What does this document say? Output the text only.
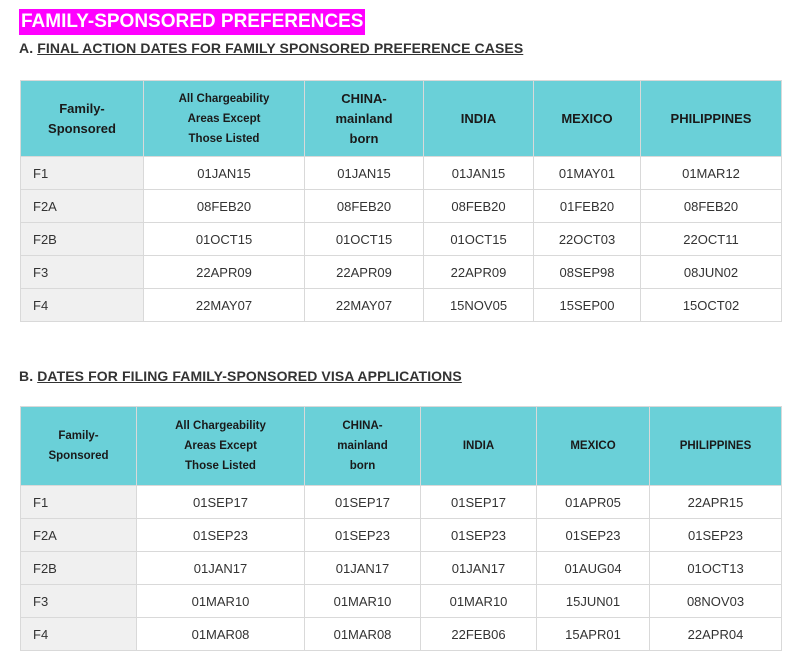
FAMILY-SPONSORED PREFERENCES
A. FINAL ACTION DATES FOR FAMILY SPONSORED PREFERENCE CASES
Family-
Sponsored	All Chargeability
Areas Except
Those Listed	CHINA-
mainland
born	INDIA	MEXICO	PHILIPPINES
F1	01JAN15	01JAN15	01JAN15	01MAY01	01MAR12
F2A	08FEB20	08FEB20	08FEB20	01FEB20	08FEB20
F2B	01OCT15	01OCT15	01OCT15	22OCT03	22OCT11
F3	22APR09	22APR09	22APR09	08SEP98	08JUN02
F4	22MAY07	22MAY07	15NOV05	15SEP00	15OCT02
B. DATES FOR FILING FAMILY-SPONSORED VISA APPLICATIONS
Family-
Sponsored	All Chargeability
Areas Except
Those Listed	CHINA-
mainland
born	INDIA	MEXICO	PHILIPPINES
F1	01SEP17	01SEP17	01SEP17	01APR05	22APR15
F2A	01SEP23	01SEP23	01SEP23	01SEP23	01SEP23
F2B	01JAN17	01JAN17	01JAN17	01AUG04	01OCT13
F3	01MAR10	01MAR10	01MAR10	15JUN01	08NOV03
F4	01MAR08	01MAR08	22FEB06	15APR01	22APR04
